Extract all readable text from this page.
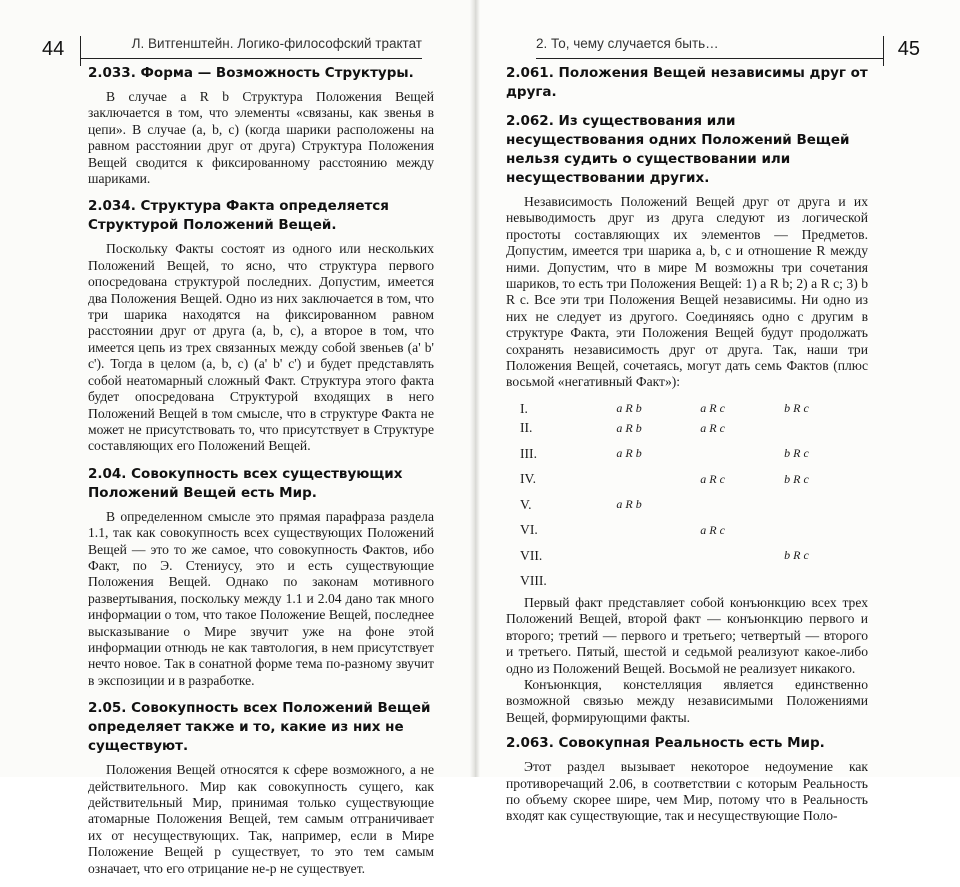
44	Л. Витгенштейн. Логико-философский трактат
2.033. Форма — Возможность Структуры.

В случае a R b Структура Положения Вещей заключается в том, что элементы «связаны, как звенья в цепи». В случае (a, b, c) (когда шарики расположены на равном расстоянии друг от друга) Структура Положения Вещей сводится к фиксированному расстоянию между шариками.

2.034. Структура Факта определяется Структурой Положений Вещей.

Поскольку Факты состоят из одного или нескольких Положений Вещей, то ясно, что структура первого опосредована структурой последних. Допустим, имеется два Положения Вещей. Одно из них заключается в том, что три шарика находятся на фиксированном равном расстоянии друг от друга (a, b, c), а второе в том, что имеется цепь из трех связанных между собой звеньев (a' b' c'). Тогда в целом (a, b, c) (a' b' c') и будет представлять собой неатомарный сложный Факт. Структура этого факта будет опосредована Структурой входящих в него Положений Вещей в том смысле, что в структуре Факта не может не присутствовать то, что присутствует в Структуре составляющих его Положений Вещей.

2.04. Совокупность всех существующих Положений Вещей есть Мир.

В определенном смысле это прямая парафраза раздела 1.1, так как совокупность всех существующих Положений Вещей — это то же самое, что совокупность Фактов, ибо Факт, по Э. Стениусу, это и есть существующие Положения Вещей. Однако по законам мотивного развертывания, поскольку между 1.1 и 2.04 дано так много информации о том, что такое Положение Вещей, последнее высказывание о Мире звучит уже на фоне этой информации отнюдь не как тавтология, в нем присутствует нечто новое. Так в сонатной форме тема по-разному звучит в экспозиции и в разработке.

2.05. Совокупность всех Положений Вещей определяет также и то, какие из них не существуют.

Положения Вещей относятся к сфере возможного, а не действительного. Мир как совокупность сущего, как действительный Мир, принимая только существующие атомарные Положения Вещей, тем самым отграничивает их от несуществующих. Так, например, если в Мире Положение Вещей p существует, то это тем самым означает, что его отрицание не-p не существует.

2. То, чему случается быть…	45
2.061. Положения Вещей независимы друг от друга.
2.062. Из существования или несуществования одних Положений Вещей нельзя судить о существовании или несуществовании других.

Независимость Положений Вещей друг от друга и их невыводимость друг из друга следуют из логической простоты составляющих их элементов — Предметов. Допустим, имеется три шарика a, b, c и отношение R между ними. Допустим, что в мире M возможны три сочетания шариков, то есть три Положения Вещей: 1) a R b; 2) a R c; 3) b R c. Все эти три Положения Вещей независимы. Ни одно из них не следует из другого. Соединяясь одно с другим в структуре Факта, эти Положения Вещей будут продолжать сохранять независимость друг от друга. Так, наши три Положения Вещей, сочетаясь, могут дать семь Фактов (плюс восьмой «негативный Факт»):

I.	a R b	a R c	b R c
II.	a R b	a R c	
III.	a R b		b R c
IV.		a R c	b R c
V.	a R b		
VI.		a R c	
VII.			b R c
VIII.			

Первый факт представляет собой конъюнкцию всех трех Положений Вещей, второй факт — конъюнкцию первого и второго; третий — первого и третьего; четвертый — второго и третьего. Пятый, шестой и седьмой реализуют какое-либо одно из Положений Вещей. Восьмой не реализует никакого.

Конъюнкция, констелляция является единственно возможной связью между независимыми Положениями Вещей, формирующими факты.

2.063. Совокупная Реальность есть Мир.

Этот раздел вызывает некоторое недоумение как противоречащий 2.06, в соответствии с которым Реальность по объему скорее шире, чем Мир, потому что в Реальность входят как существующие, так и несуществующие Поло-
